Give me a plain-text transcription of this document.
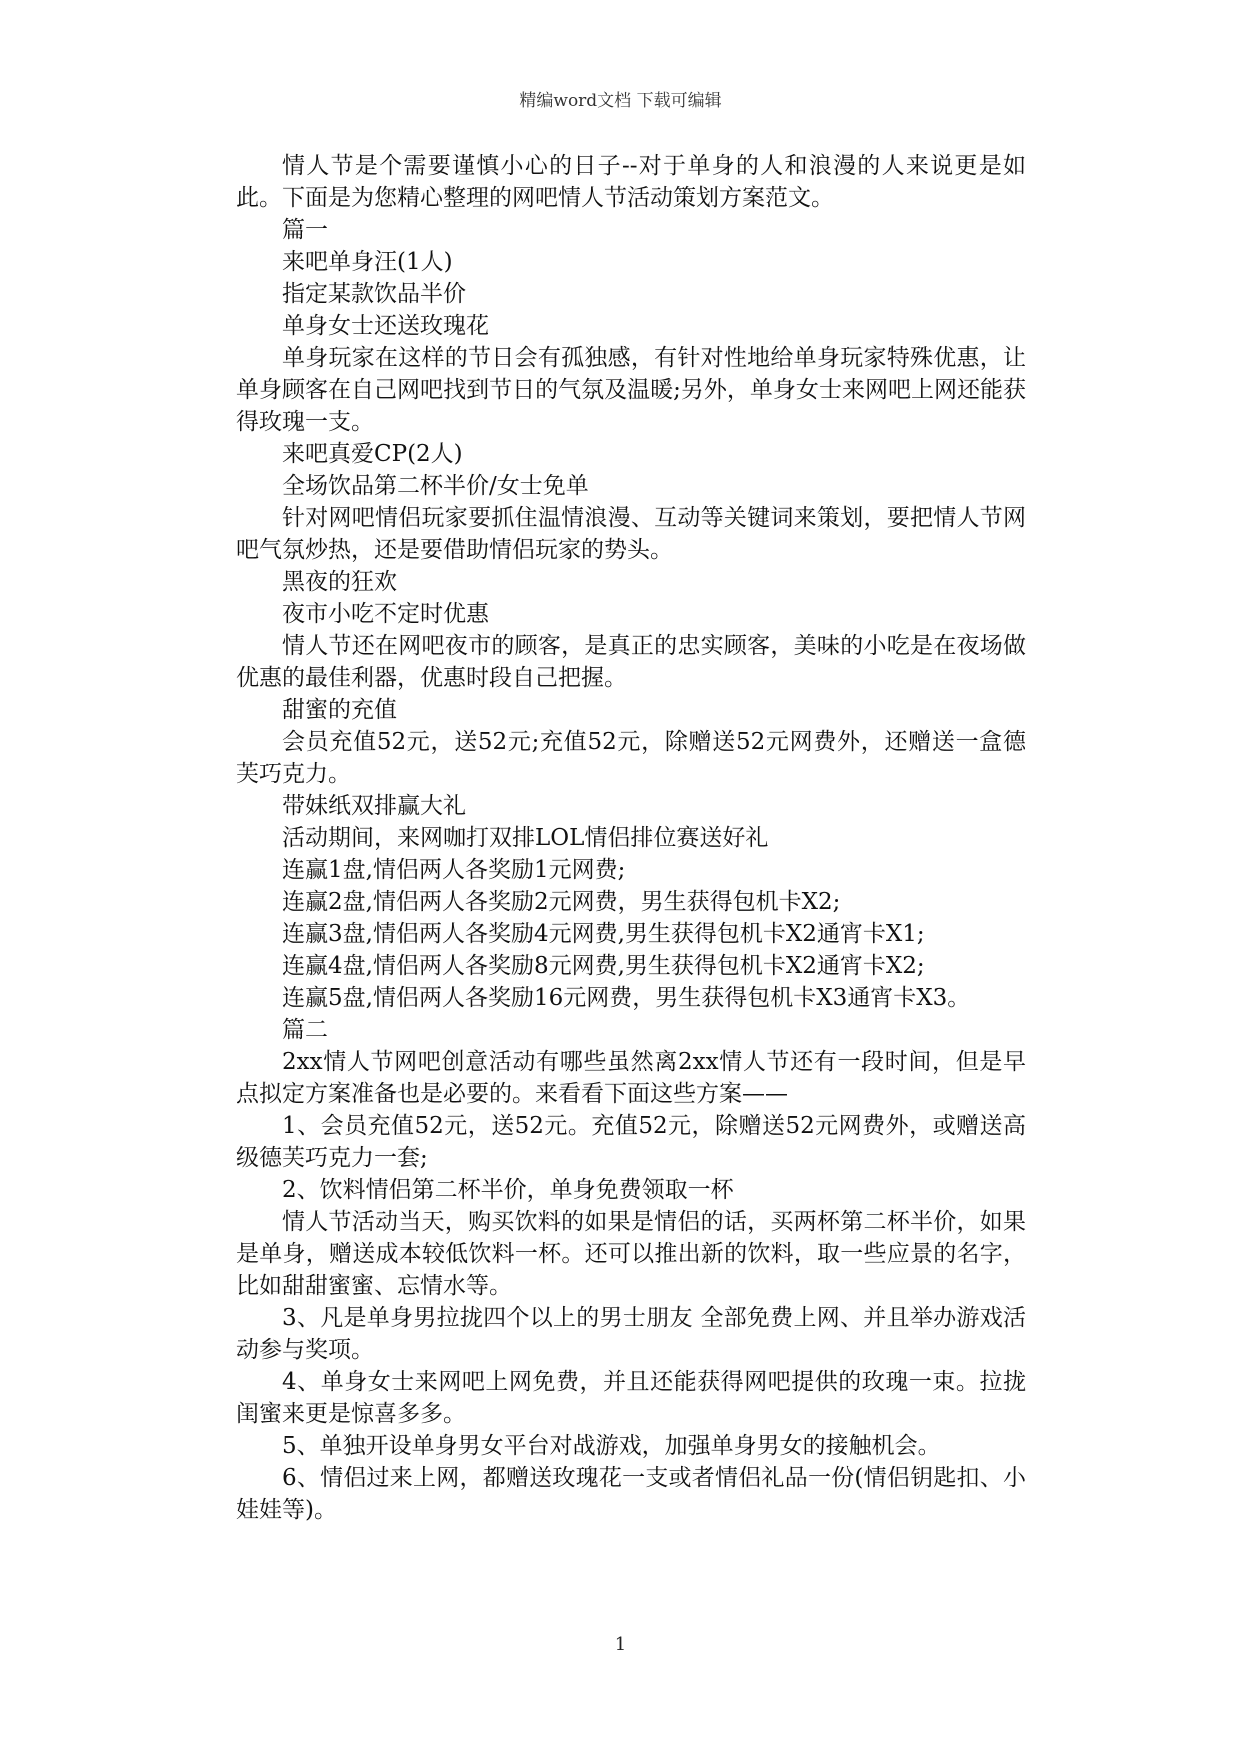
精编word文档 下载可编辑

情人节是个需要谨慎小心的日子--对于单身的人和浪漫的人来说更是如此。下面是为您精心整理的网吧情人节活动策划方案范文。

篇一

来吧单身汪(1人)

指定某款饮品半价

单身女士还送玫瑰花

单身玩家在这样的节日会有孤独感，有针对性地给单身玩家特殊优惠，让单身顾客在自己网吧找到节日的气氛及温暖;另外，单身女士来网吧上网还能获得玫瑰一支。

来吧真爱CP(2人)

全场饮品第二杯半价/女士免单

针对网吧情侣玩家要抓住温情浪漫、互动等关键词来策划，要把情人节网吧气氛炒热，还是要借助情侣玩家的势头。

黑夜的狂欢

夜市小吃不定时优惠

情人节还在网吧夜市的顾客，是真正的忠实顾客，美味的小吃是在夜场做优惠的最佳利器，优惠时段自己把握。

甜蜜的充值

会员充值52元，送52元;充值52元，除赠送52元网费外，还赠送一盒德芙巧克力。

带妹纸双排赢大礼

活动期间，来网咖打双排LOL情侣排位赛送好礼

连赢1盘,情侣两人各奖励1元网费;

连赢2盘,情侣两人各奖励2元网费，男生获得包机卡X2;

连赢3盘,情侣两人各奖励4元网费,男生获得包机卡X2通宵卡X1;

连赢4盘,情侣两人各奖励8元网费,男生获得包机卡X2通宵卡X2;

连赢5盘,情侣两人各奖励16元网费，男生获得包机卡X3通宵卡X3。

篇二

2xx情人节网吧创意活动有哪些虽然离2xx情人节还有一段时间，但是早点拟定方案准备也是必要的。来看看下面这些方案——

1、会员充值52元，送52元。充值52元，除赠送52元网费外，或赠送高级德芙巧克力一套;

2、饮料情侣第二杯半价，单身免费领取一杯

情人节活动当天，购买饮料的如果是情侣的话，买两杯第二杯半价，如果是单身，赠送成本较低饮料一杯。还可以推出新的饮料，取一些应景的名字，比如甜甜蜜蜜、忘情水等。

3、凡是单身男拉拢四个以上的男士朋友 全部免费上网、并且举办游戏活动参与奖项。

4、单身女士来网吧上网免费，并且还能获得网吧提供的玫瑰一束。拉拢闺蜜来更是惊喜多多。

5、单独开设单身男女平台对战游戏，加强单身男女的接触机会。

6、情侣过来上网，都赠送玫瑰花一支或者情侣礼品一份(情侣钥匙扣、小娃娃等)。

1
